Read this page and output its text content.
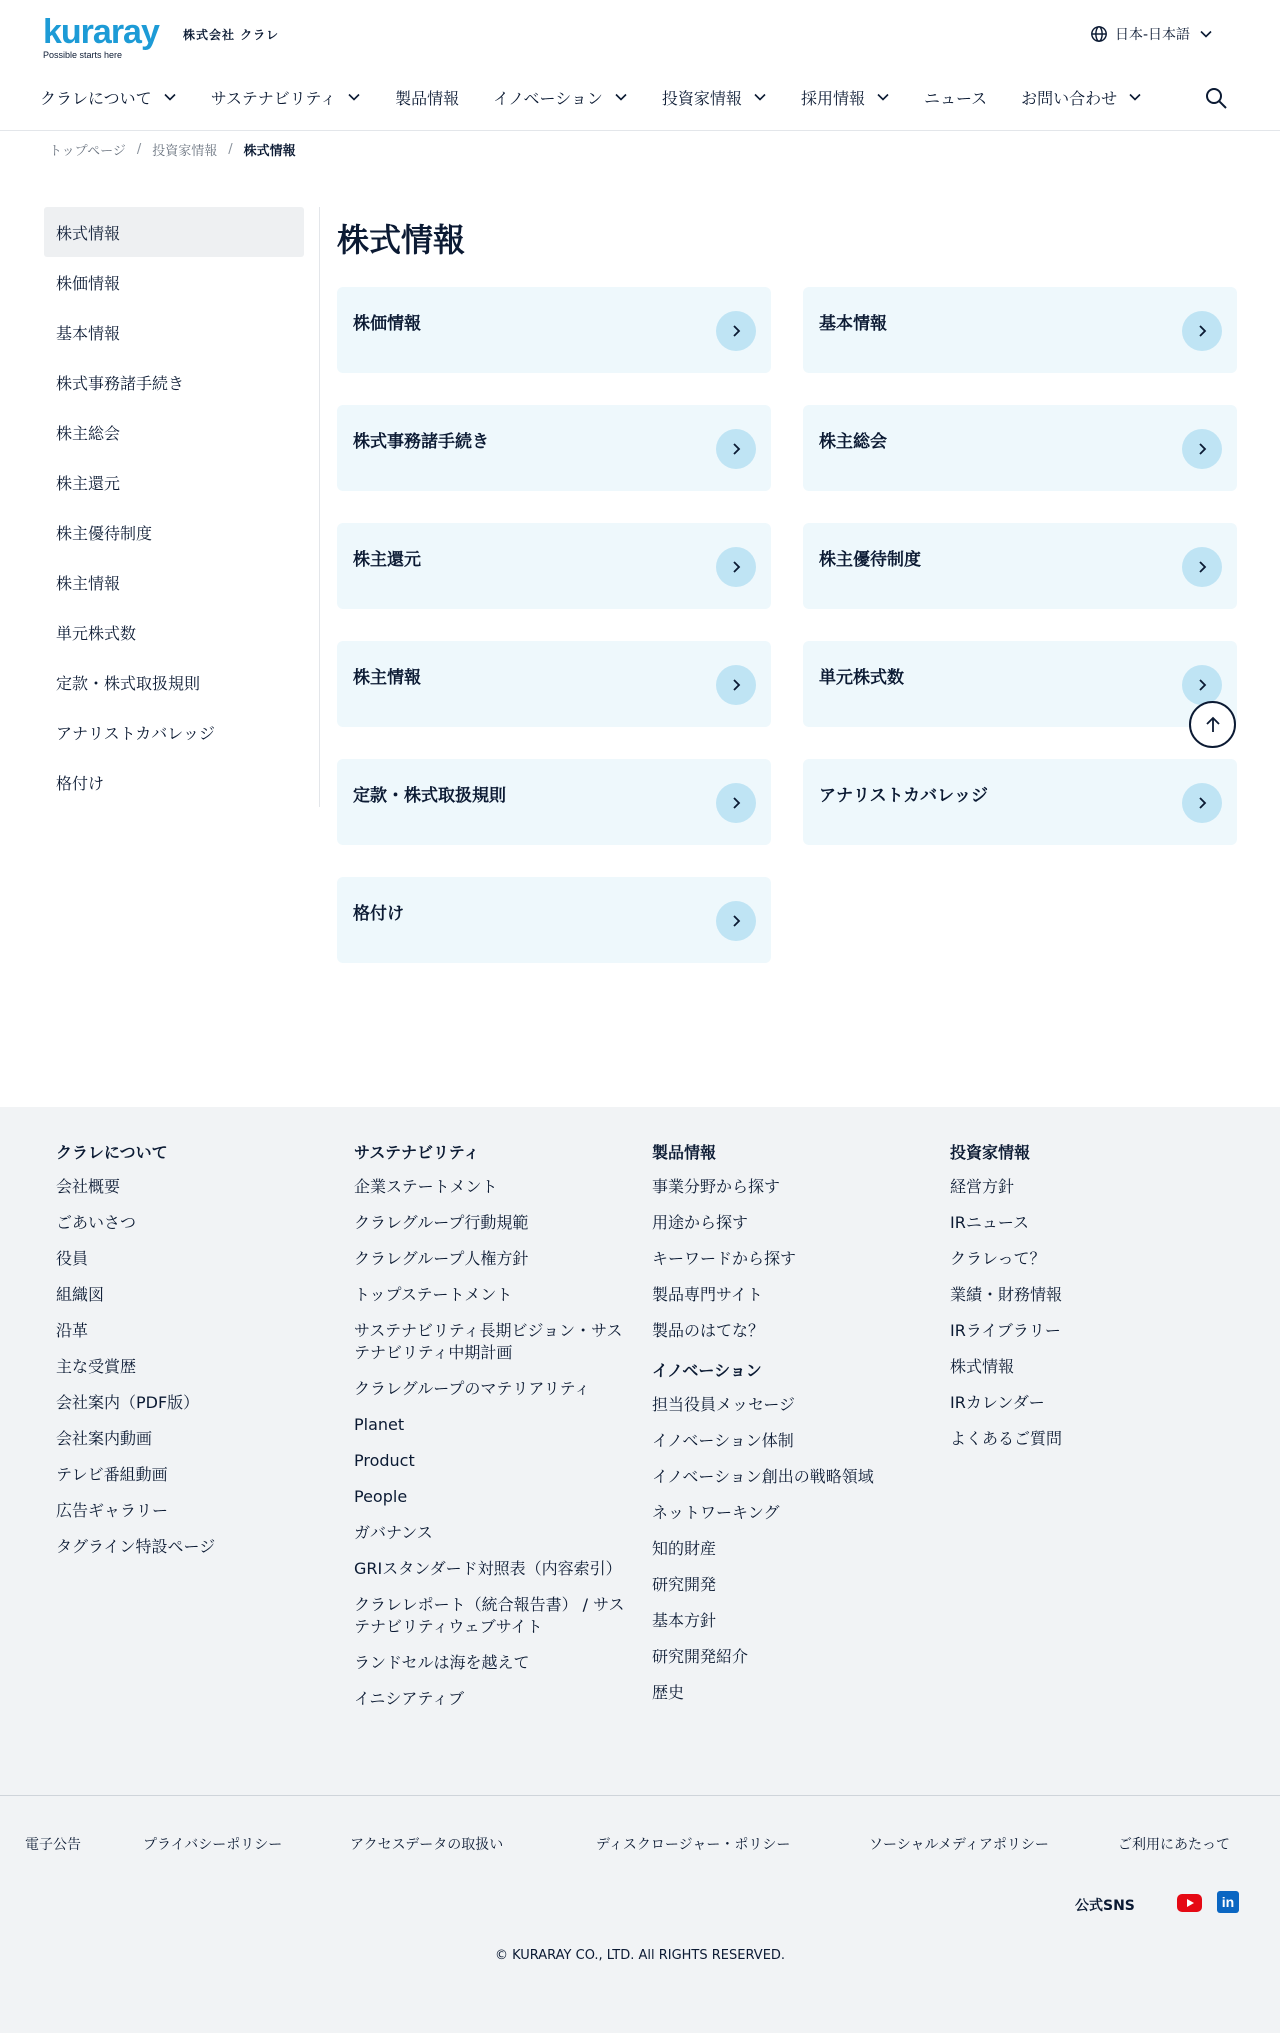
kuraray
Possible starts here
株式会社 クラレ	日本-日本語
クラレについて	サステナビリティ	製品情報 イノベーション	投資家情報	採用情報	ニュース お問い合わせ
トップページ / 投資家情報 / 株式情報
株式情報
株価情報
基本情報
株式事務諸手続き
株主総会
株主還元
株主優待制度
株主情報
単元株式数
定款・株式取扱規則
アナリストカバレッジ
格付け
株式情報
株価情報	基本情報
株式事務諸手続き	株主総会
株主還元	株主優待制度
株主情報	単元株式数
定款・株式取扱規則	アナリストカバレッジ
格付け
クラレについて
会社概要
ごあいさつ
役員
組織図
沿革
主な受賞歴
会社案内（PDF版）
会社案内動画
テレビ番組動画
広告ギャラリー
タグライン特設ページ
サステナビリティ
企業ステートメント
クラレグループ行動規範
クラレグループ人権方針
トップステートメント
サステナビリティ長期ビジョン・サス
テナビリティ中期計画
クラレグループのマテリアリティ
Planet
Product
People
ガバナンス
GRIスタンダード対照表（内容索引）
クラレレポート（統合報告書） / サス
テナビリティウェブサイト
ランドセルは海を越えて
イニシアティブ
製品情報
事業分野から探す
用途から探す
キーワードから探す
製品専門サイト
製品のはてな？
イノベーション
担当役員メッセージ
イノベーション体制
イノベーション創出の戦略領域
ネットワーキング
知的財産
研究開発
基本方針
研究開発紹介
歴史
投資家情報
経営方針
IRニュース
クラレって？
業績・財務情報
IRライブラリー
株式情報
IRカレンダー
よくあるご質問
電子公告	プライバシーポリシー	アクセスデータの取扱い	ディスクロージャー・ポリシー	ソーシャルメディアポリシー	ご利用にあたって
公式SNS	in
© KURARAY CO., LTD. All RIGHTS RESERVED.
